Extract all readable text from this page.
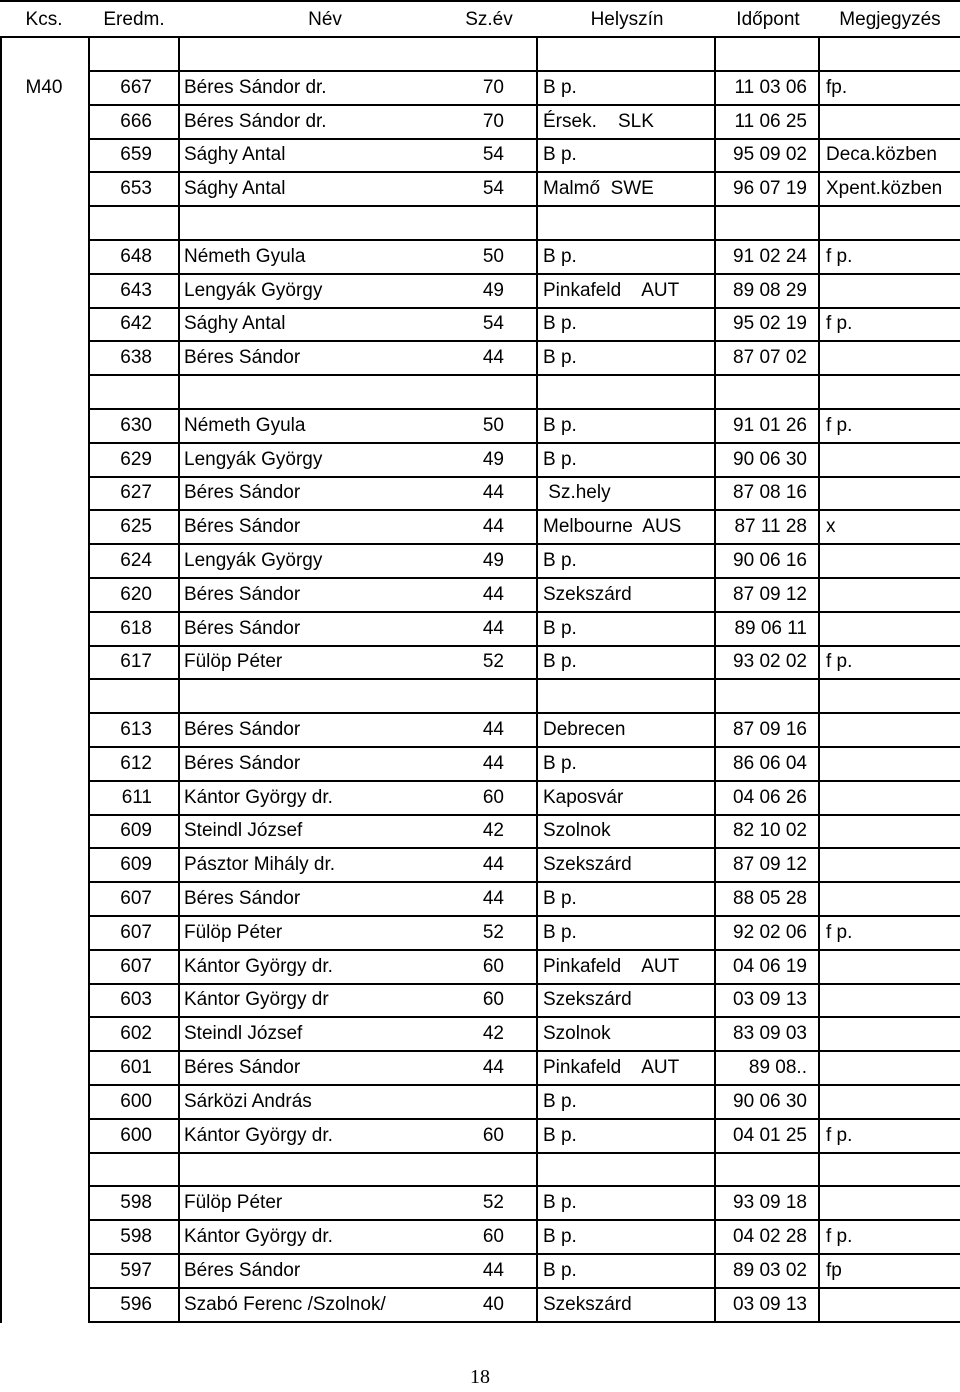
Kcs.	Eredm.	Név	Sz.év	Helyszín	Időpont	Megjegyzés
M40	667 Béres Sándor dr.	70 B p.	11 03 06 fp.
666 Béres Sándor dr.	70 Érsek.    SLK	11 06 25
659 Sághy Antal	54 B p.	95 09 02 Deca.közben
653 Sághy Antal	54 Malmő  SWE	96 07 19 Xpent.közben
648 Németh Gyula	50 B p.	91 02 24 f p.
643 Lengyák György	49 Pinkafeld    AUT	89 08 29
642 Sághy Antal	54 B p.	95 02 19 f p.
638 Béres Sándor	44 B p.	87 07 02
630 Németh Gyula	50 B p.	91 01 26 f p.
629 Lengyák György	49 B p.	90 06 30
627 Béres Sándor	44 Sz.hely	87 08 16
625 Béres Sándor	44 Melbourne  AUS	87 11 28 x
624 Lengyák György	49 B p.	90 06 16
620 Béres Sándor	44 Szekszárd	87 09 12
618 Béres Sándor	44 B p.	89 06 11
617 Fülöp Péter	52 B p.	93 02 02 f p.
613 Béres Sándor	44 Debrecen	87 09 16
612 Béres Sándor	44 B p.	86 06 04
611 Kántor György dr.	60 Kaposvár	04 06 26
609 Steindl József	42 Szolnok	82 10 02
609 Pásztor Mihály dr.	44 Szekszárd	87 09 12
607 Béres Sándor	44 B p.	88 05 28
607 Fülöp Péter	52 B p.	92 02 06 f p.
607 Kántor György dr.	60 Pinkafeld    AUT	04 06 19
603 Kántor György dr	60 Szekszárd	03 09 13
602 Steindl József	42 Szolnok	83 09 03
601 Béres Sándor	44 Pinkafeld    AUT	89 08..
600 Sárközi András	B p.	90 06 30
600 Kántor György dr.	60 B p.	04 01 25 f p.
598 Fülöp Péter	52 B p.	93 09 18
598 Kántor György dr.	60 B p.	04 02 28 f p.
597 Béres Sándor	44 B p.	89 03 02 fp
596 Szabó Ferenc /Szolnok/	40 Szekszárd	03 09 13
18
